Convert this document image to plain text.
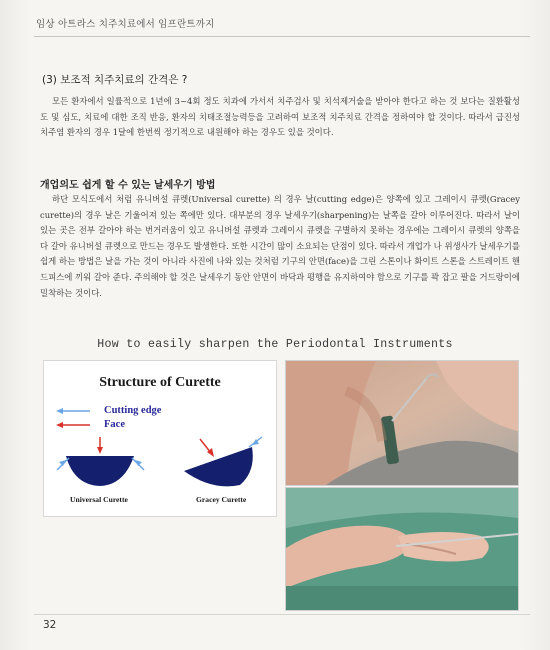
임상 아트라스 치주치료에서 임프란트까지
(3) 보조적 치주치료의 간격은 ?
모든 환자에서 일률적으로 1년에 3~4회 정도 치과에 가서서 치주검사 및 치석제거술을 받아야 한다고 하는 것 보다는 질환활성도 및 심도, 치료에 대한 조직 반응, 환자의 치태조절능력등을 고려하여 보조적 치주치료 간격을 정하여야 할 것이다. 따라서 급진성 치주염 환자의 경우 1달에 한번씩 정기적으로 내원해야 하는 경우도 있을 것이다.
개업의도 쉽게 할 수 있는 날세우기 방법
하단 모식도에서 처럼 유니버설 큐렛(Universal curette) 의 경우 날(cutting edge)은 양쪽에 있고 그레이시 큐렛(Gracey curette)의 경우 날은 기울어져 있는 쪽에만 있다. 대부분의 경우 날세우기(sharpening)는 날쪽을 갈아 이루어진다. 따라서 날이 있는 곳은 전부 갈아야 하는 번거러움이 있고 유니버설 큐렛과 그레이시 큐렛을 구별하지 못하는 경우에는 그레이시 큐렛의 양쪽을 다 갈아 유니버설 큐렛으로 만드는 경우도 발생한다. 또한 시간이 많이 소요되는 단점이 있다. 따라서 개업가 나 위생사가 날세우기를 쉽게 하는 방법은 날을 가는 것이 아니라 사진에 나와 있는 것처럼 기구의 안면(face)을 그린 스톤이나 화이트 스톤을 스트레이트 핸드피스에 끼워 갈아 준다. 주의해야 할 것은 날세우기 동안 안면이 바닥과 평행을 유지하여야 함으로 기구를 꽉 잡고 팔을 거드랑이에 밀착하는 것이다.
How to easily sharpen the Periodontal Instruments
Structure of Curette
Cutting edge
Face
Universal Curette	Gracey Curette
32
